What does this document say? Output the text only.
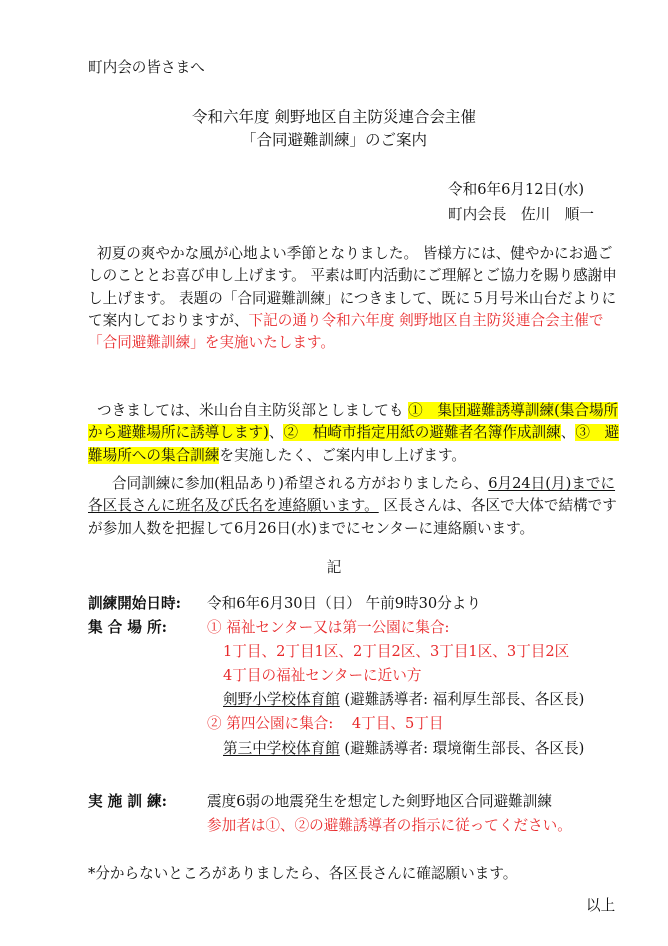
町内会の皆さまへ
令和六年度 剣野地区自主防災連合会主催
「合同避難訓練」のご案内
令和6年6月12日(水)
町内会長　佐川　順一
初夏の爽やかな風が心地よい季節となりました。 皆様方には、健やかにお過ごしのこととお喜び申し上げます。 平素は町内活動にご理解とご協力を賜り感謝申し上げます。 表題の「合同避難訓練」につきまして、既に５月号米山台だよりにて案内しておりますが、下記の通り令和六年度 剣野地区自主防災連合会主催で「合同避難訓練」を実施いたします。
つきましては、米山台自主防災部としましても ①　集団避難誘導訓練(集合場所から避難場所に誘導します)、②　柏崎市指定用紙の避難者名簿作成訓練、③　避難場所への集合訓練を実施したく、ご案内申し上げます。
合同訓練に参加(粗品あり)希望される方がおりましたら、6月24日(月)までに各区長さんに班名及び氏名を連絡願います。 区長さんは、各区で大体で結構ですが参加人数を把握して6月26日(水)までにセンターに連絡願います。
記
訓練開始日時: 令和6年6月30日（日） 午前9時30分より
集 合 場 所:	① 福祉センター又は第一公園に集合:
1丁目、2丁目1区、2丁目2区、3丁目1区、3丁目2区
4丁目の福祉センターに近い方
剣野小学校体育館 (避難誘導者: 福利厚生部長、各区長)
② 第四公園に集合: 4丁目、5丁目
第三中学校体育館 (避難誘導者: 環境衛生部長、各区長)
実 施 訓 練:	震度6弱の地震発生を想定した剣野地区合同避難訓練
参加者は①、②の避難誘導者の指示に従ってください。
*分からないところがありましたら、各区長さんに確認願います。
以上
